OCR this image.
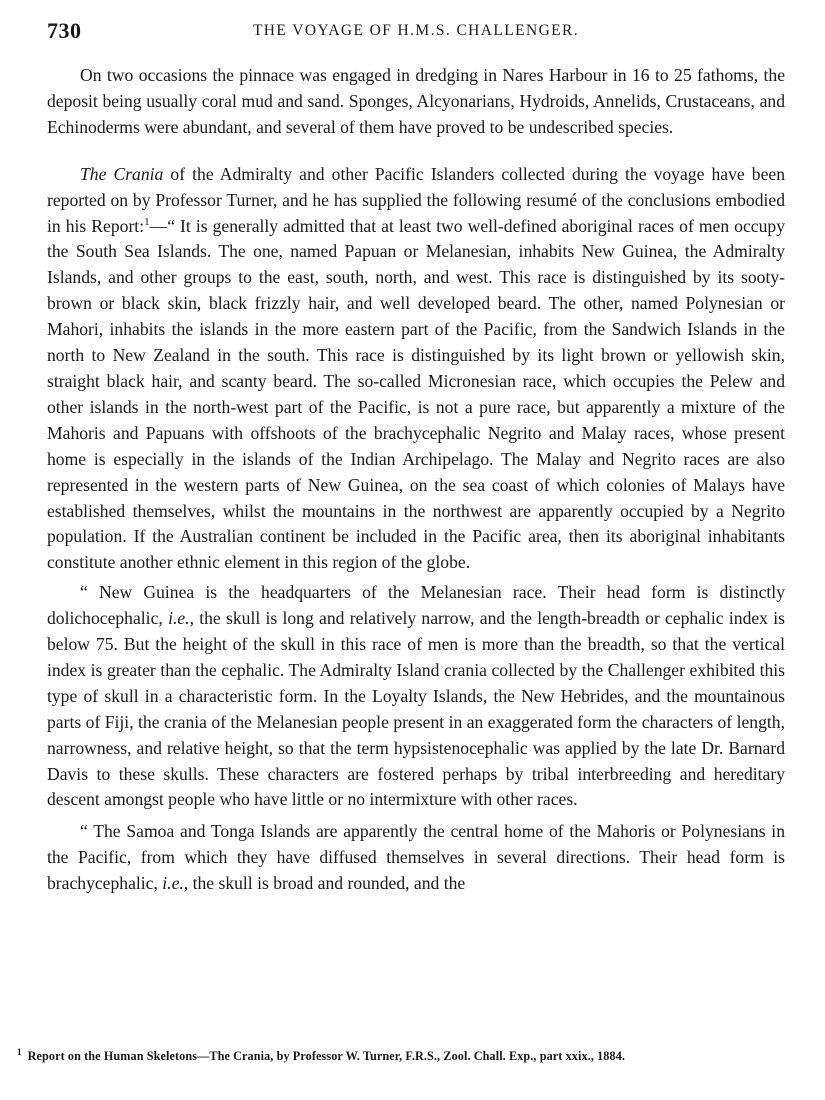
730	THE VOYAGE OF H.M.S. CHALLENGER.

On two occasions the pinnace was engaged in dredging in Nares Harbour in 16 to 25 fathoms, the deposit being usually coral mud and sand. Sponges, Alcyonarians, Hydroids, Annelids, Crustaceans, and Echinoderms were abundant, and several of them have proved to be undescribed species.

The Crania of the Admiralty and other Pacific Islanders collected during the voyage have been reported on by Professor Turner, and he has supplied the following resumé of the conclusions embodied in his Report:$^1$—“ It is generally admitted that at least two well-defined aboriginal races of men occupy the South Sea Islands. The one, named Papuan or Melanesian, inhabits New Guinea, the Admiralty Islands, and other groups to the east, south, north, and west. This race is distinguished by its sooty-brown or black skin, black frizzly hair, and well developed beard. The other, named Polynesian or Mahori, inhabits the islands in the more eastern part of the Pacific, from the Sandwich Islands in the north to New Zealand in the south. This race is distinguished by its light brown or yellowish skin, straight black hair, and scanty beard. The so-called Micronesian race, which occupies the Pelew and other islands in the north-west part of the Pacific, is not a pure race, but apparently a mixture of the Mahoris and Papuans with offshoots of the brachycephalic Negrito and Malay races, whose present home is especially in the islands of the Indian Archipelago. The Malay and Negrito races are also represented in the western parts of New Guinea, on the sea coast of which colonies of Malays have established themselves, whilst the mountains in the northwest are apparently occupied by a Negrito population. If the Australian continent be included in the Pacific area, then its aboriginal inhabitants constitute another ethnic element in this region of the globe.

“ New Guinea is the headquarters of the Melanesian race. Their head form is distinctly dolichocephalic, i.e., the skull is long and relatively narrow, and the length-breadth or cephalic index is below 75. But the height of the skull in this race of men is more than the breadth, so that the vertical index is greater than the cephalic. The Admiralty Island crania collected by the Challenger exhibited this type of skull in a characteristic form. In the Loyalty Islands, the New Hebrides, and the mountainous parts of Fiji, the crania of the Melanesian people present in an exaggerated form the characters of length, narrowness, and relative height, so that the term hypsistenocephalic was applied by the late Dr. Barnard Davis to these skulls. These characters are fostered perhaps by tribal interbreeding and hereditary descent amongst people who have little or no intermixture with other races.

“ The Samoa and Tonga Islands are apparently the central home of the Mahoris or Polynesians in the Pacific, from which they have diffused themselves in several directions. Their head form is brachycephalic, i.e., the skull is broad and rounded, and the

$^1$ Report on the Human Skeletons—The Crania, by Professor W. Turner, F.R.S., Zool. Chall. Exp., part xxix., 1884.
